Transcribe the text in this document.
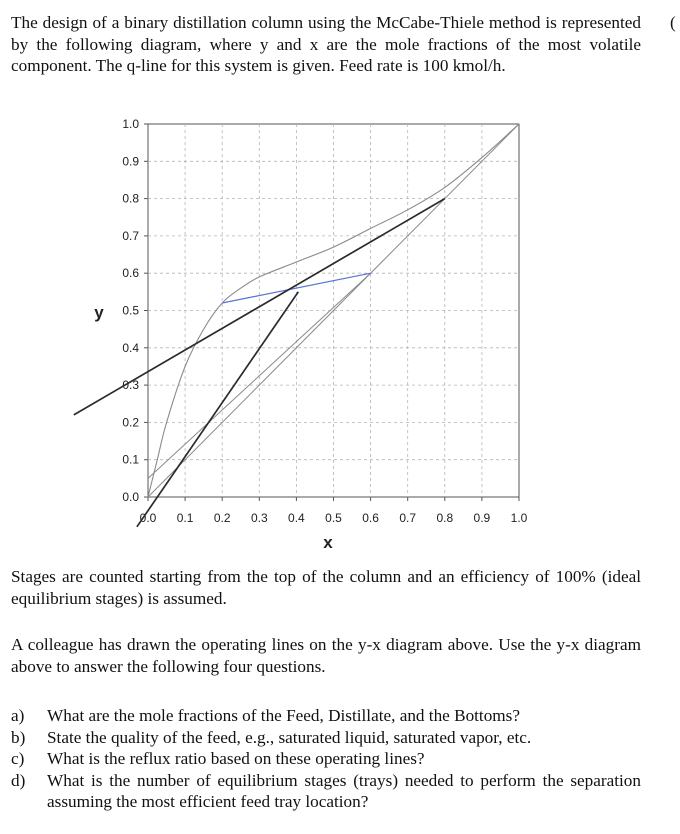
The design of a binary distillation column using the McCabe-Thiele method is represented by the following diagram, where y and x are the mole fractions of the most volatile component. The q-line for this system is given. Feed rate is 100 kmol/h.

(
0.0 0.1 0.2 0.3 0.4 0.5 0.6 0.7 0.8 0.9 1.0
0.0
0.1
0.2
0.3
0.4
0.5
0.6
0.7
0.8
0.9
1.0
x
y

Stages are counted starting from the top of the column and an efficiency of 100% (ideal equilibrium stages) is assumed.

A colleague has drawn the operating lines on the y-x diagram above. Use the y-x diagram above to answer the following four questions.

a)	What are the mole fractions of the Feed, Distillate, and the Bottoms?
b)	State the quality of the feed, e.g., saturated liquid, saturated vapor, etc.
c)	What is the reflux ratio based on these operating lines?
d)	What is the number of equilibrium stages (trays) needed to perform the separation assuming the most efficient feed tray location?
